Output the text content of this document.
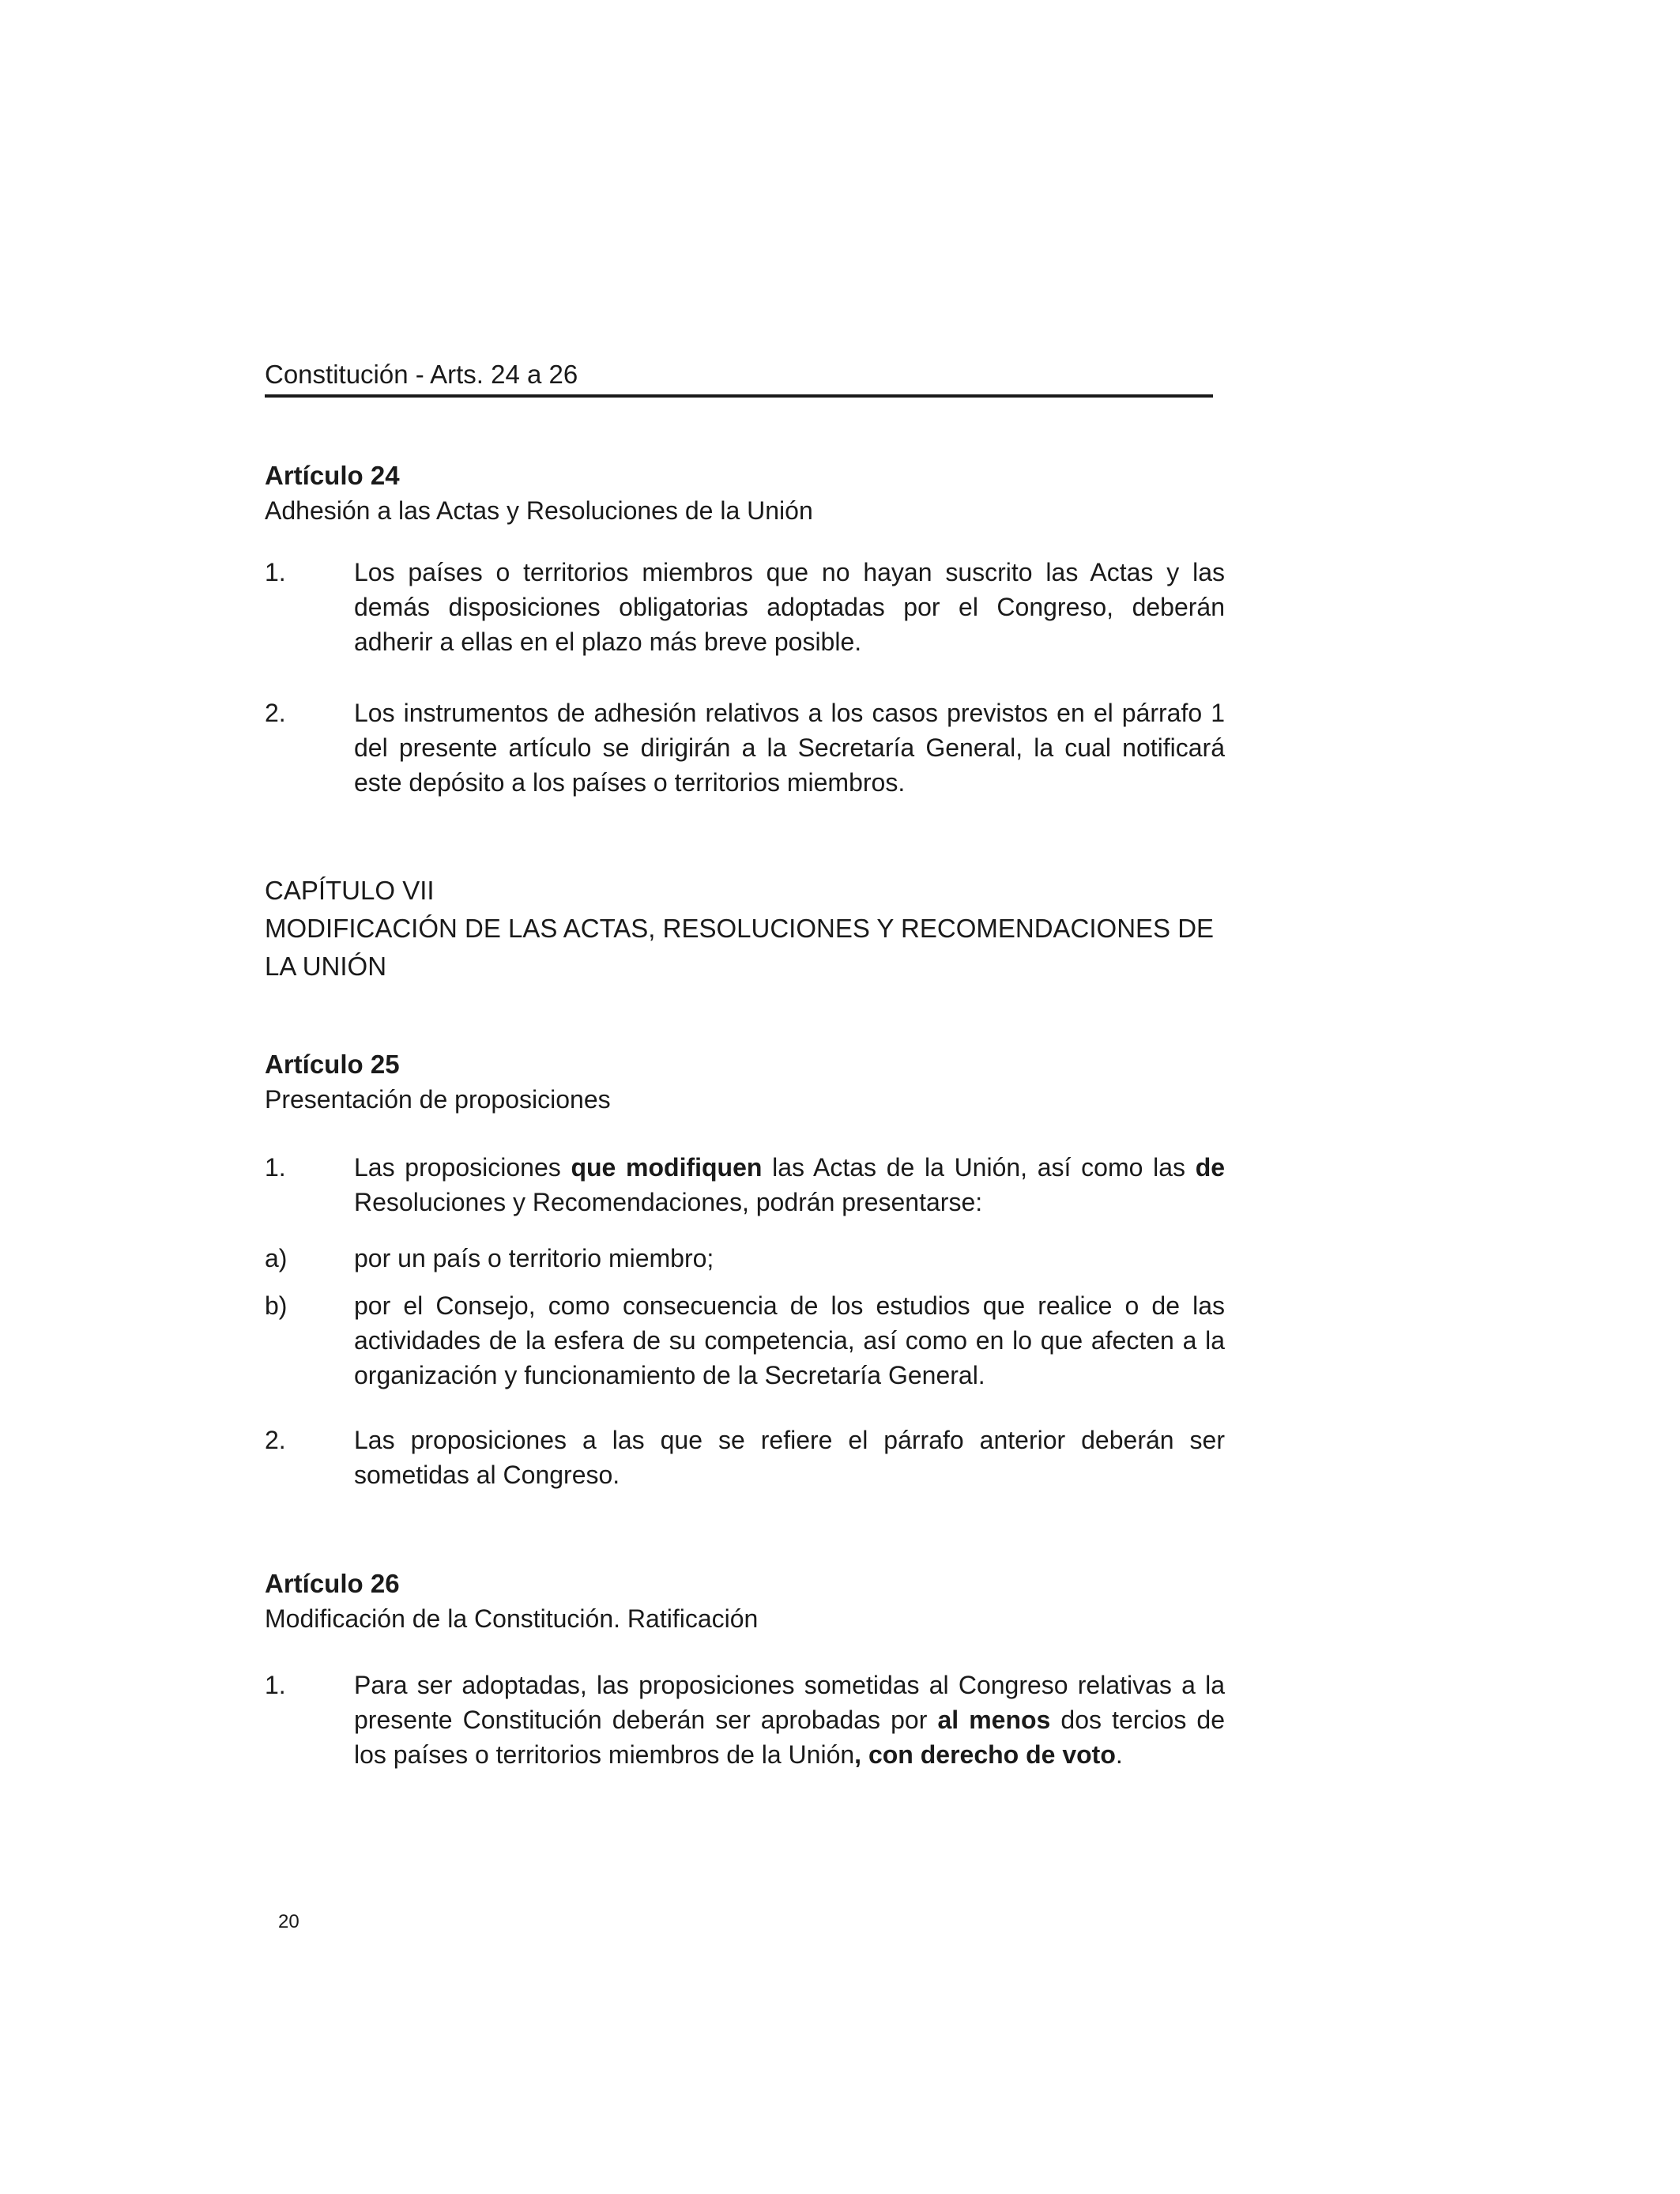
Constitución - Arts. 24 a 26
Artículo 24
Adhesión a las Actas y Resoluciones de la Unión
1.	Los países o territorios miembros que no hayan suscrito las Actas y las demás disposiciones obligatorias adoptadas por el Congreso, deberán adherir a ellas en el plazo más breve posible.
2.	Los instrumentos de adhesión relativos a los casos previstos en el párrafo 1 del presente artículo se dirigirán a la Secretaría General, la cual notificará este depósito a los países o territorios miembros.
CAPÍTULO VII
MODIFICACIÓN DE LAS ACTAS, RESOLUCIONES Y RECOMENDACIONES DE LA UNIÓN
Artículo 25
Presentación de proposiciones
1.	Las proposiciones que modifiquen las Actas de la Unión, así como las de Resoluciones y Recomendaciones, podrán presentarse:
a)	por un país o territorio miembro;
b)	por el Consejo, como consecuencia de los estudios que realice o de las actividades de la esfera de su competencia, así como en lo que afecten a la organización y funcionamiento de la Secretaría General.
2.	Las proposiciones a las que se refiere el párrafo anterior deberán ser sometidas al Congreso.
Artículo 26
Modificación de la Constitución. Ratificación
1.	Para ser adoptadas, las proposiciones sometidas al Congreso relativas a la presente Constitución deberán ser aprobadas por al menos dos tercios de los países o territorios miembros de la Unión, con derecho de voto.
20
